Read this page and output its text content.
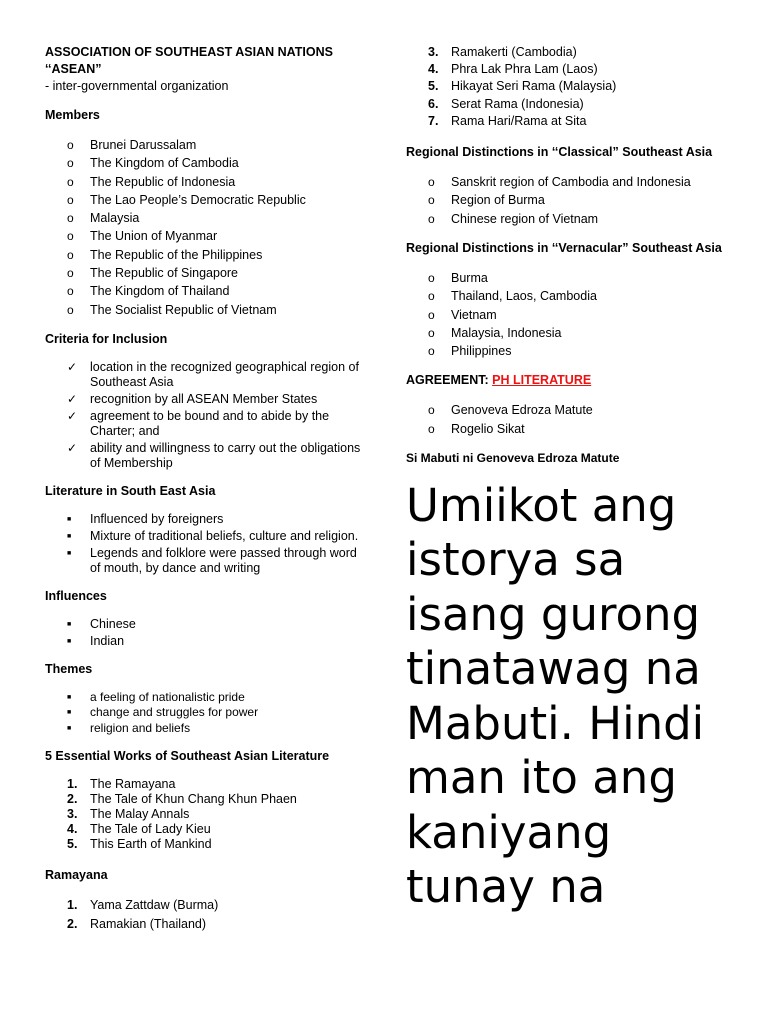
ASSOCIATION OF SOUTHEAST ASIAN NATIONS ‘‘ASEAN”

- inter-governmental organization

Members

o	Brunei Darussalam
o	The Kingdom of Cambodia
o	The Republic of Indonesia
o	The Lao People’s Democratic Republic
o	Malaysia
o	The Union of Myanmar
o	The Republic of the Philippines
o	The Republic of Singapore
o	The Kingdom of Thailand
o	The Socialist Republic of Vietnam

Criteria for Inclusion

✓	location in the recognized geographical region of Southeast Asia
✓	recognition by all ASEAN Member States
✓	agreement to be bound and to abide by the Charter; and
✓	ability and willingness to carry out the obligations of Membership

Literature in South East Asia

■	Influenced by foreigners
■	Mixture of traditional beliefs, culture and religion.
■	Legends and folklore were passed through word of mouth, by dance and writing

Influences

■	Chinese
■	Indian

Themes

■	a feeling of nationalistic pride
■	change and struggles for power
■	religion and beliefs

5 Essential Works of Southeast Asian Literature

1.	The Ramayana
2.	The Tale of Khun Chang Khun Phaen
3.	The Malay Annals
4.	The Tale of Lady Kieu
5.	This Earth of Mankind

Ramayana

1.	Yama Zattdaw (Burma)
2.	Ramakian (Thailand)
3.	Ramakerti (Cambodia)
4.	Phra Lak Phra Lam (Laos)
5.	Hikayat Seri Rama (Malaysia)
6.	Serat Rama (Indonesia)
7.	Rama Hari/Rama at Sita

Regional Distinctions in ‘‘Classical” Southeast Asia

o	Sanskrit region of Cambodia and Indonesia
o	Region of Burma
o	Chinese region of Vietnam

Regional Distinctions in ‘‘Vernacular” Southeast Asia

o	Burma
o	Thailand, Laos, Cambodia
o	Vietnam
o	Malaysia, Indonesia
o	Philippines

AGREEMENT: PH LITERATURE

o	Genoveva Edroza Matute
o	Rogelio Sikat

Si Mabuti ni Genoveva Edroza Matute

Umiikot ang istorya sa isang gurong tinatawag na Mabuti. Hindi man ito ang kaniyang tunay na
